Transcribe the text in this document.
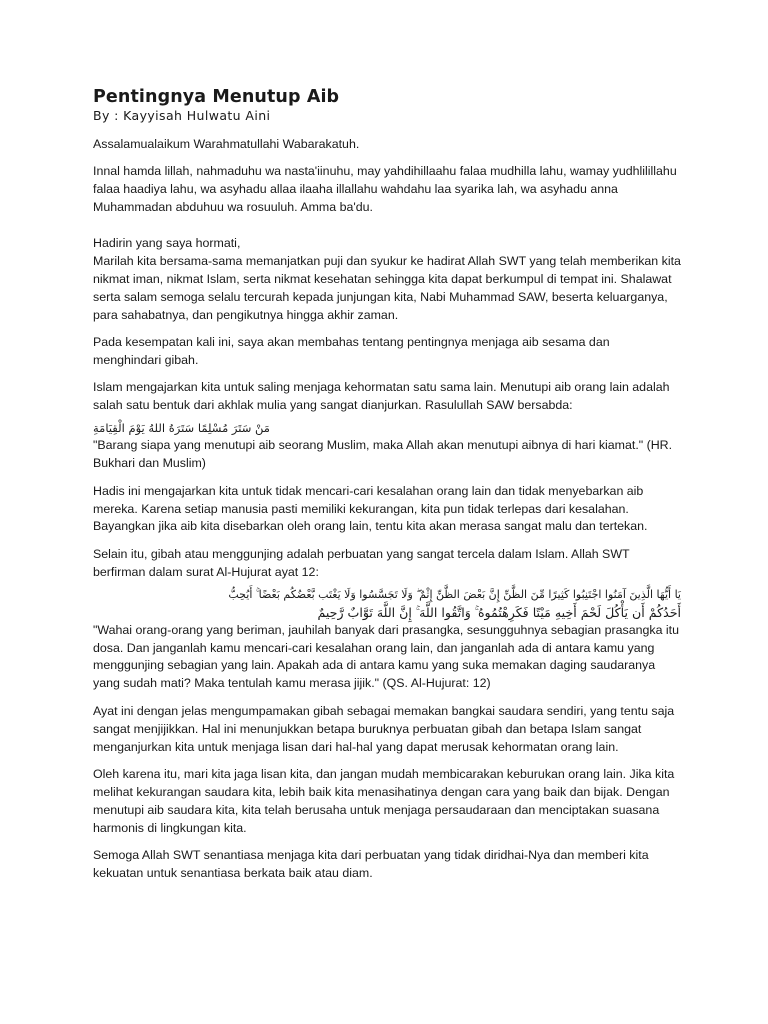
Pentingnya Menutup Aib
By : Kayyisah Hulwatu Aini

Assalamualaikum Warahmatullahi Wabarakatuh.

Innal hamda lillah, nahmaduhu wa nasta'iinuhu, may yahdihillaahu falaa mudhilla lahu, wamay yudhlilillahu falaa haadiya lahu, wa asyhadu allaa ilaaha illallahu wahdahu laa syarika lah, wa asyhadu anna Muhammadan abduhuu wa rosuuluh. Amma ba'du.

Hadirin yang saya hormati,
Marilah kita bersama-sama memanjatkan puji dan syukur ke hadirat Allah SWT yang telah memberikan kita nikmat iman, nikmat Islam, serta nikmat kesehatan sehingga kita dapat berkumpul di tempat ini. Shalawat serta salam semoga selalu tercurah kepada junjungan kita, Nabi Muhammad SAW, beserta keluarganya, para sahabatnya, dan pengikutnya hingga akhir zaman.

Pada kesempatan kali ini, saya akan membahas tentang pentingnya menjaga aib sesama dan menghindari gibah.

Islam mengajarkan kita untuk saling menjaga kehormatan satu sama lain. Menutupi aib orang lain adalah salah satu bentuk dari akhlak mulia yang sangat dianjurkan. Rasulullah SAW bersabda:

مَنْ سَتَرَ مُسْلِمًا سَتَرَهُ اللهُ يَوْمَ الْقِيَامَةِ

"Barang siapa yang menutupi aib seorang Muslim, maka Allah akan menutupi aibnya di hari kiamat." (HR. Bukhari dan Muslim)

Hadis ini mengajarkan kita untuk tidak mencari-cari kesalahan orang lain dan tidak menyebarkan aib mereka. Karena setiap manusia pasti memiliki kekurangan, kita pun tidak terlepas dari kesalahan. Bayangkan jika aib kita disebarkan oleh orang lain, tentu kita akan merasa sangat malu dan tertekan.

Selain itu, gibah atau menggunjing adalah perbuatan yang sangat tercela dalam Islam. Allah SWT berfirman dalam surat Al-Hujurat ayat 12:

يَا أَيُّهَا الَّذِينَ آمَنُوا اجْتَنِبُوا كَثِيرًا مِّنَ الظَّنِّ إِنَّ بَعْضَ الظَّنِّ إِثْمٌ ۖ وَلَا تَجَسَّسُوا وَلَا يَغْتَب بَّعْضُكُم بَعْضًا ۚ أَيُحِبُّ
أَحَدُكُمْ أَن يَأْكُلَ لَحْمَ أَخِيهِ مَيْتًا فَكَرِهْتُمُوهُ ۚ وَاتَّقُوا اللَّهَ ۚ إِنَّ اللَّهَ تَوَّابٌ رَّحِيمٌ

"Wahai orang-orang yang beriman, jauhilah banyak dari prasangka, sesungguhnya sebagian prasangka itu dosa. Dan janganlah kamu mencari-cari kesalahan orang lain, dan janganlah ada di antara kamu yang menggunjing sebagian yang lain. Apakah ada di antara kamu yang suka memakan daging saudaranya yang sudah mati? Maka tentulah kamu merasa jijik." (QS. Al-Hujurat: 12)

Ayat ini dengan jelas mengumpamakan gibah sebagai memakan bangkai saudara sendiri, yang tentu saja sangat menjijikkan. Hal ini menunjukkan betapa buruknya perbuatan gibah dan betapa Islam sangat menganjurkan kita untuk menjaga lisan dari hal-hal yang dapat merusak kehormatan orang lain.

Oleh karena itu, mari kita jaga lisan kita, dan jangan mudah membicarakan keburukan orang lain. Jika kita melihat kekurangan saudara kita, lebih baik kita menasihatinya dengan cara yang baik dan bijak. Dengan menutupi aib saudara kita, kita telah berusaha untuk menjaga persaudaraan dan menciptakan suasana harmonis di lingkungan kita.

Semoga Allah SWT senantiasa menjaga kita dari perbuatan yang tidak diridhai-Nya dan memberi kita kekuatan untuk senantiasa berkata baik atau diam.
